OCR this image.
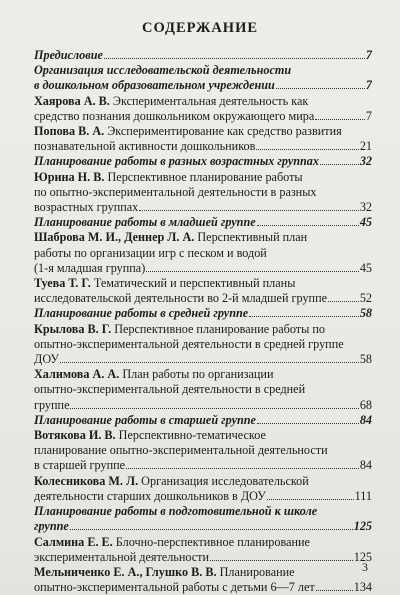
СОДЕРЖАНИЕ
Предисловие	7
Организация исследовательской деятельности
в дошкольном образовательном учреждении	7
Хаярова А. В. Экспериментальная деятельность как
средство познания дошкольником окружающего мира	7
Попова В. А. Экспериментирование как средство развития
познавательной активности дошкольников	21
Планирование работы в разных возрастных группах	32
Юрина Н. В. Перспективное планирование работы
по опытно-экспериментальной деятельности в разных
возрастных группах	32
Планирование работы в младшей группе	45
Шаброва М. И., Деннер Л. А. Перспективный план
работы по организации игр с песком и водой
(1-я младшая группа)	45
Туева Т. Г. Тематический и перспективный планы
исследовательской деятельности во 2-й младшей группе	52
Планирование работы в средней группе	58
Крылова В. Г. Перспективное планирование работы по
опытно-экспериментальной деятельности в средней группе
ДОУ	58
Халимова А. А. План работы по организации
опытно-экспериментальной деятельности в средней
группе	68
Планирование работы в старшей группе	84
Вотякова И. В. Перспективно-тематическое
планирование опытно-экспериментальной деятельности
в старшей группе	84
Колесникова М. Л. Организация исследовательской
деятельности старших дошкольников в ДОУ	111
Планирование работы в подготовительной к школе
группе	125
Салмина Е. Е. Блочно-перспективное планирование
экспериментальной деятельности	125
Мельниченко Е. А., Глушко В. В. Планирование
опытно-экспериментальной работы с детьми 6—7 лет	134
3
